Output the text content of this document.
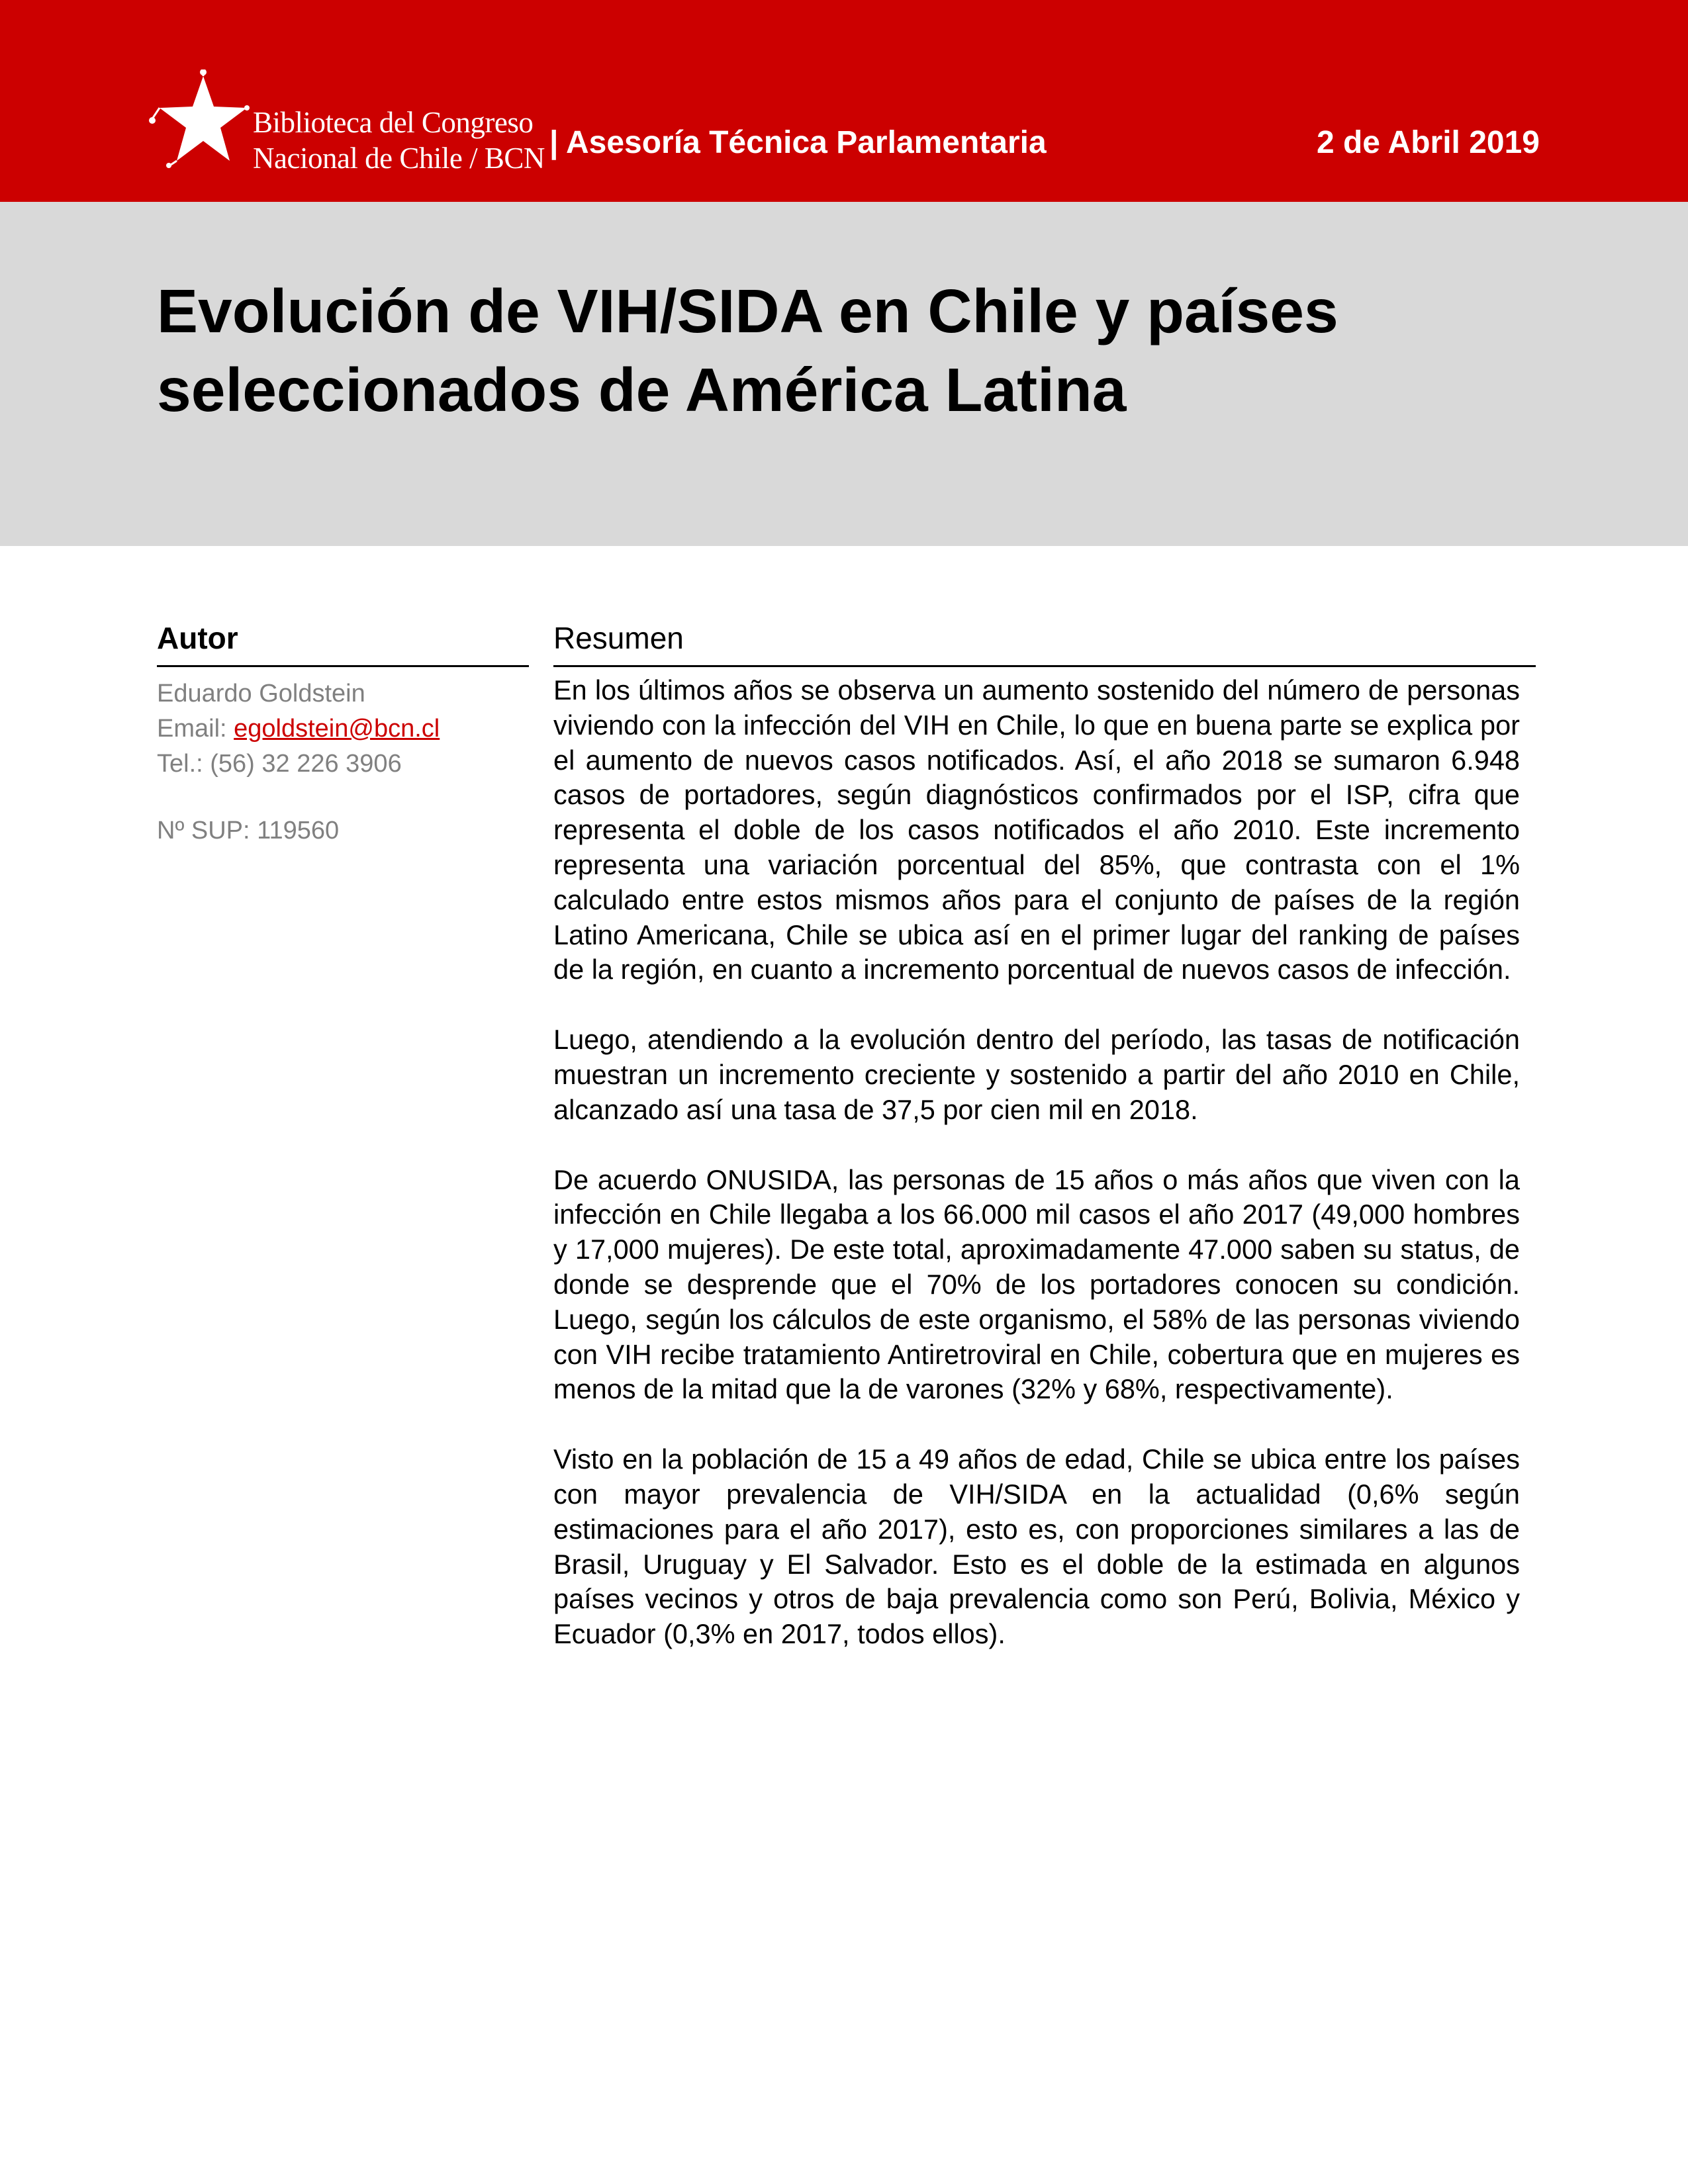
Biblioteca del Congreso
Nacional de Chile / BCN | Asesoría Técnica Parlamentaria	2 de Abril 2019
Evolución de VIH/SIDA en Chile y países
seleccionados de América Latina
Autor
Eduardo Goldstein
Email: egoldstein@bcn.cl
Tel.: (56) 32 226 3906
Nº SUP: 119560
Resumen

En los últimos años se observa un aumento sostenido del número de personas viviendo con la infección del VIH en Chile, lo que en buena parte se explica por el aumento de nuevos casos notificados. Así, el año 2018 se sumaron 6.948 casos de portadores, según diagnósticos confirmados por el ISP, cifra que representa el doble de los casos notificados el año 2010. Este incremento representa una variación porcentual del 85%, que contrasta con el 1% calculado entre estos mismos años para el conjunto de países de la región Latino Americana, Chile se ubica así en el primer lugar del ranking de países de la región, en cuanto a incremento porcentual de nuevos casos de infección.

Luego, atendiendo a la evolución dentro del período, las tasas de notificación muestran un incremento creciente y sostenido a partir del año 2010 en Chile, alcanzado así una tasa de 37,5 por cien mil en 2018.

De acuerdo ONUSIDA, las personas de 15 años o más años que viven con la infección en Chile llegaba a los 66.000 mil casos el año 2017 (49,000 hombres y 17,000 mujeres). De este total, aproximadamente 47.000 saben su status, de donde se desprende que el 70% de los portadores conocen su condición. Luego, según los cálculos de este organismo, el 58% de las personas viviendo con VIH recibe tratamiento Antiretroviral en Chile, cobertura que en mujeres es menos de la mitad que la de varones (32% y 68%, respectivamente).

Visto en la población de 15 a 49 años de edad, Chile se ubica entre los países con mayor prevalencia de VIH/SIDA en la actualidad (0,6% según estimaciones para el año 2017), esto es, con proporciones similares a las de Brasil, Uruguay y El Salvador. Esto es el doble de la estimada en algunos países vecinos y otros de baja prevalencia como son Perú, Bolivia, México y Ecuador (0,3% en 2017, todos ellos).
